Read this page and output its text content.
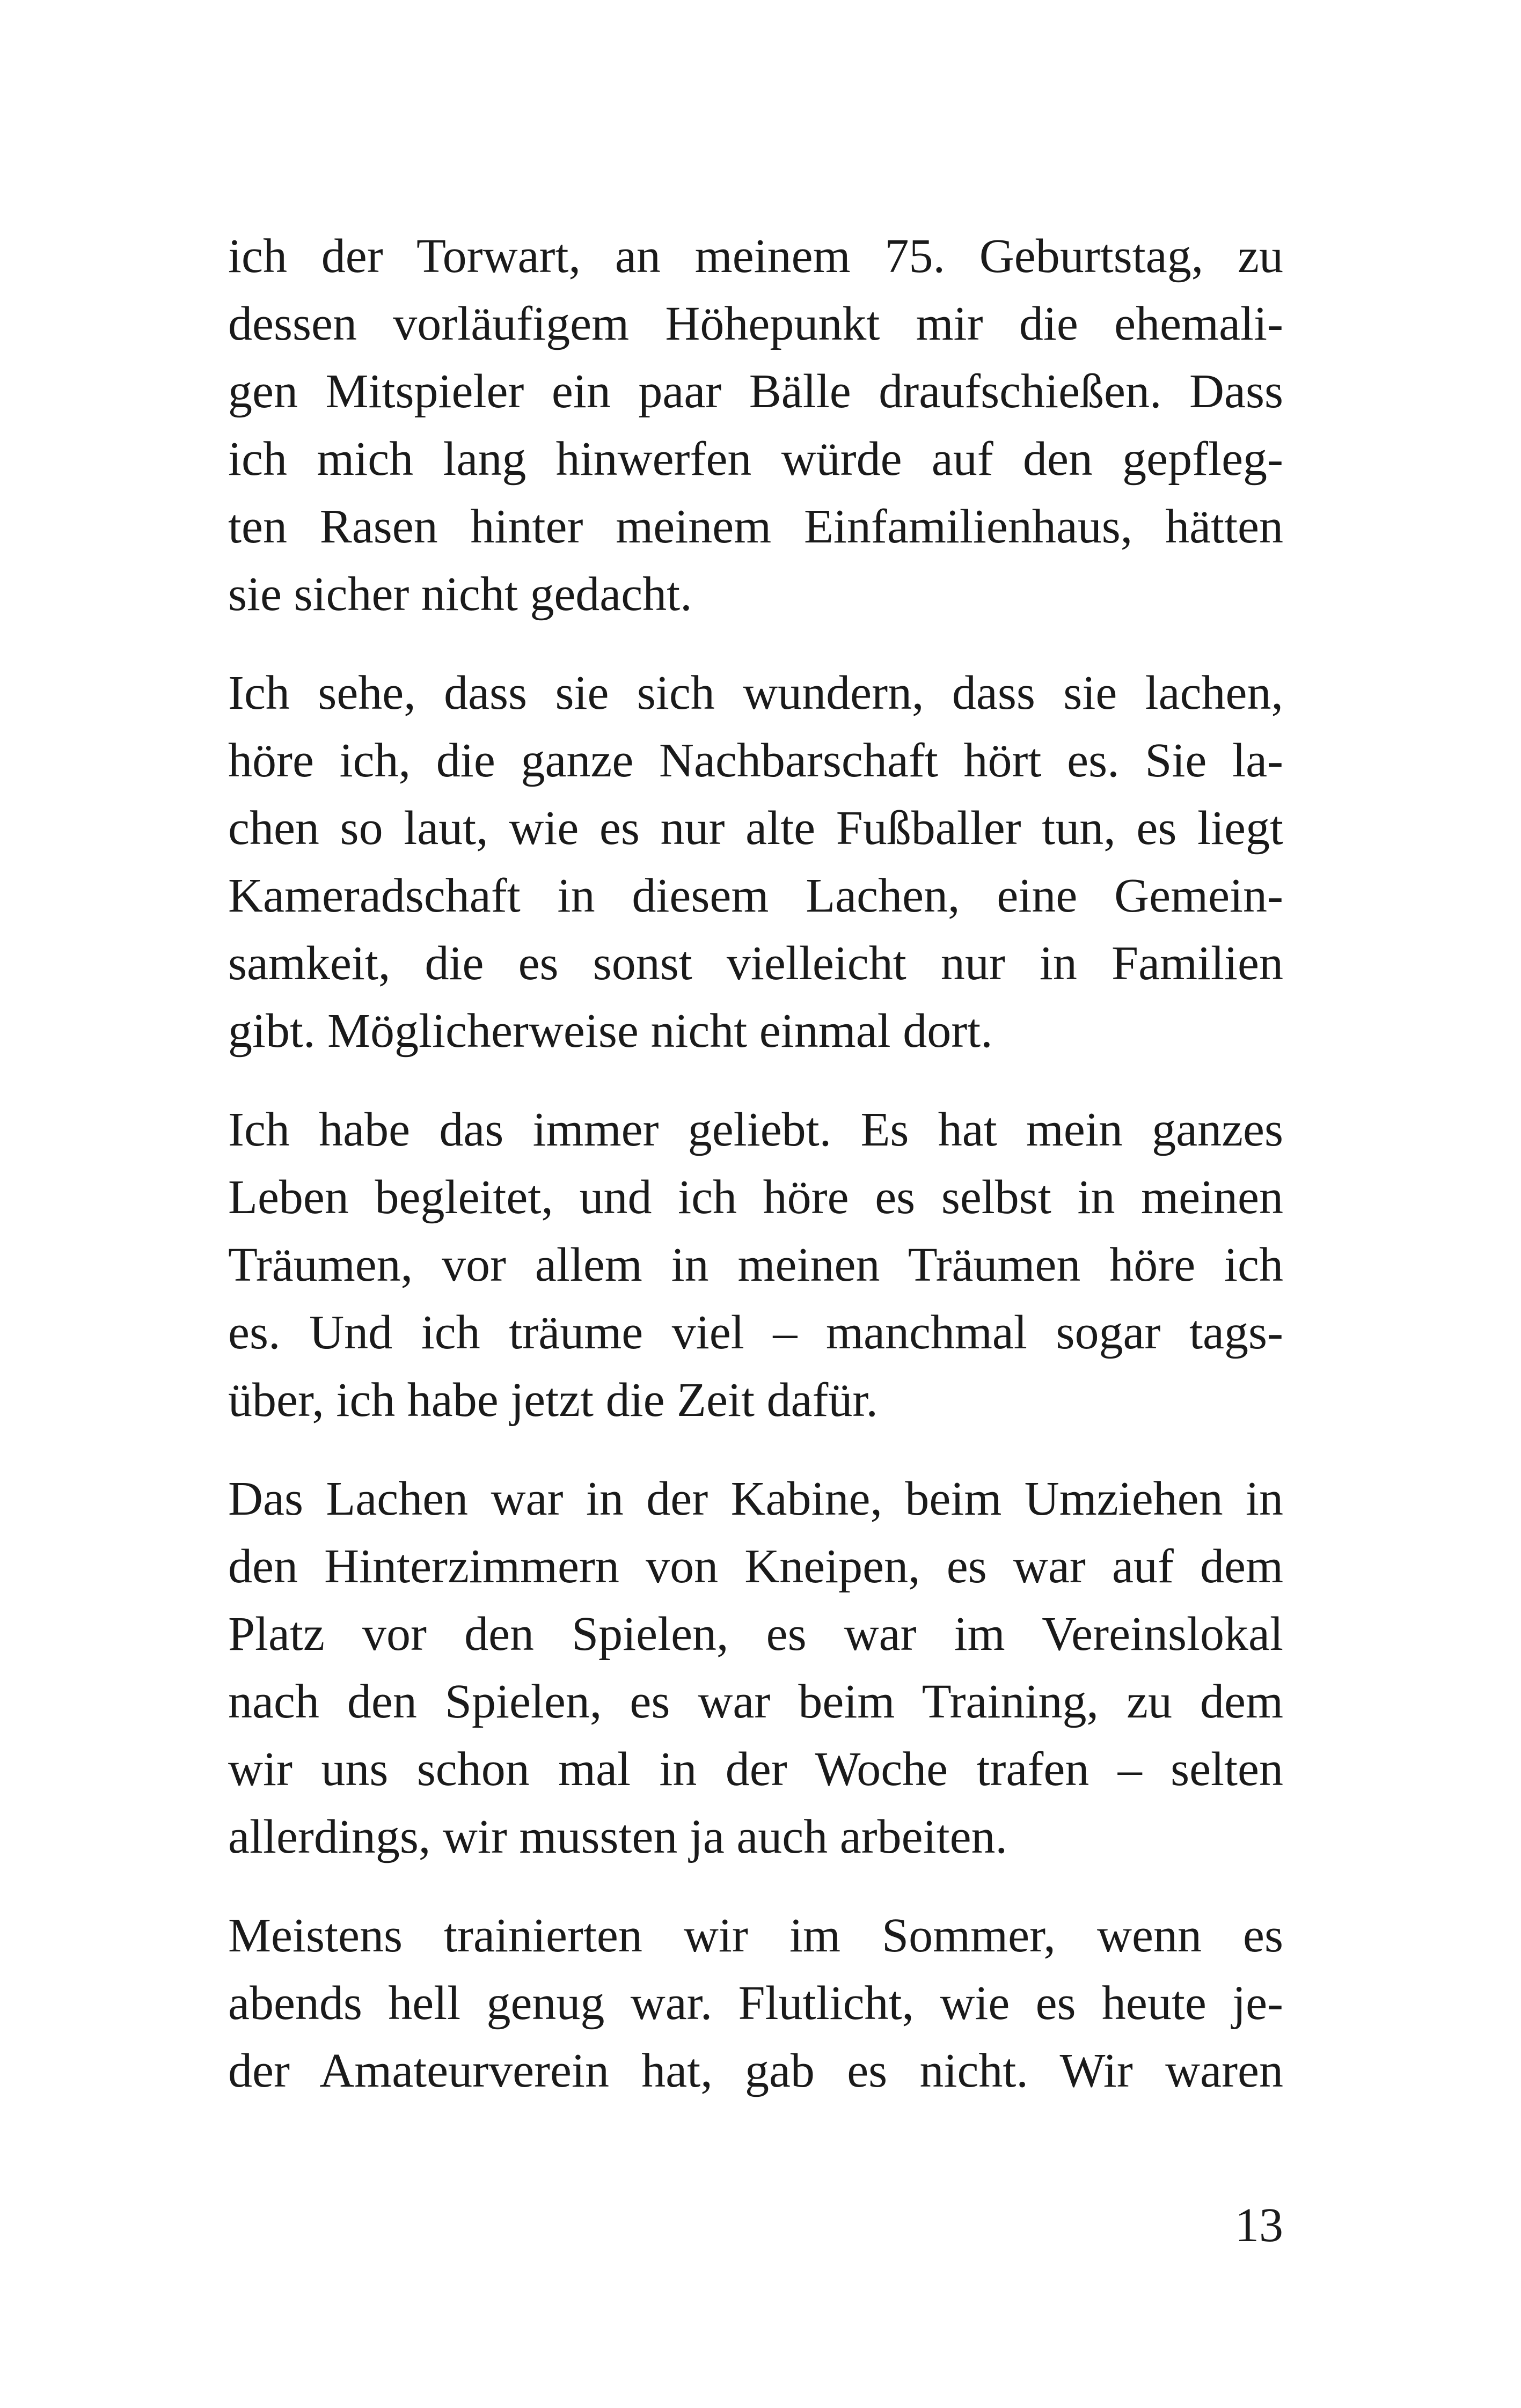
ich der Torwart, an meinem 75. Geburtstag, zu
dessen vorläufigem Höhepunkt mir die ehemali-
gen Mitspieler ein paar Bälle draufschießen. Dass
ich mich lang hinwerfen würde auf den gepfleg-
ten Rasen hinter meinem Einfamilienhaus, hätten
sie sicher nicht gedacht.

Ich sehe, dass sie sich wundern, dass sie lachen,
höre ich, die ganze Nachbarschaft hört es. Sie la-
chen so laut, wie es nur alte Fußballer tun, es liegt
Kameradschaft in diesem Lachen, eine Gemein-
samkeit, die es sonst vielleicht nur in Familien
gibt. Möglicherweise nicht einmal dort.

Ich habe das immer geliebt. Es hat mein ganzes
Leben begleitet, und ich höre es selbst in meinen
Träumen, vor allem in meinen Träumen höre ich
es. Und ich träume viel – manchmal sogar tags-
über, ich habe jetzt die Zeit dafür.

Das Lachen war in der Kabine, beim Umziehen in
den Hinterzimmern von Kneipen, es war auf dem
Platz vor den Spielen, es war im Vereinslokal
nach den Spielen, es war beim Training, zu dem
wir uns schon mal in der Woche trafen – selten
allerdings, wir mussten ja auch arbeiten.

Meistens trainierten wir im Sommer, wenn es
abends hell genug war. Flutlicht, wie es heute je-
der Amateurverein hat, gab es nicht. Wir waren

13
